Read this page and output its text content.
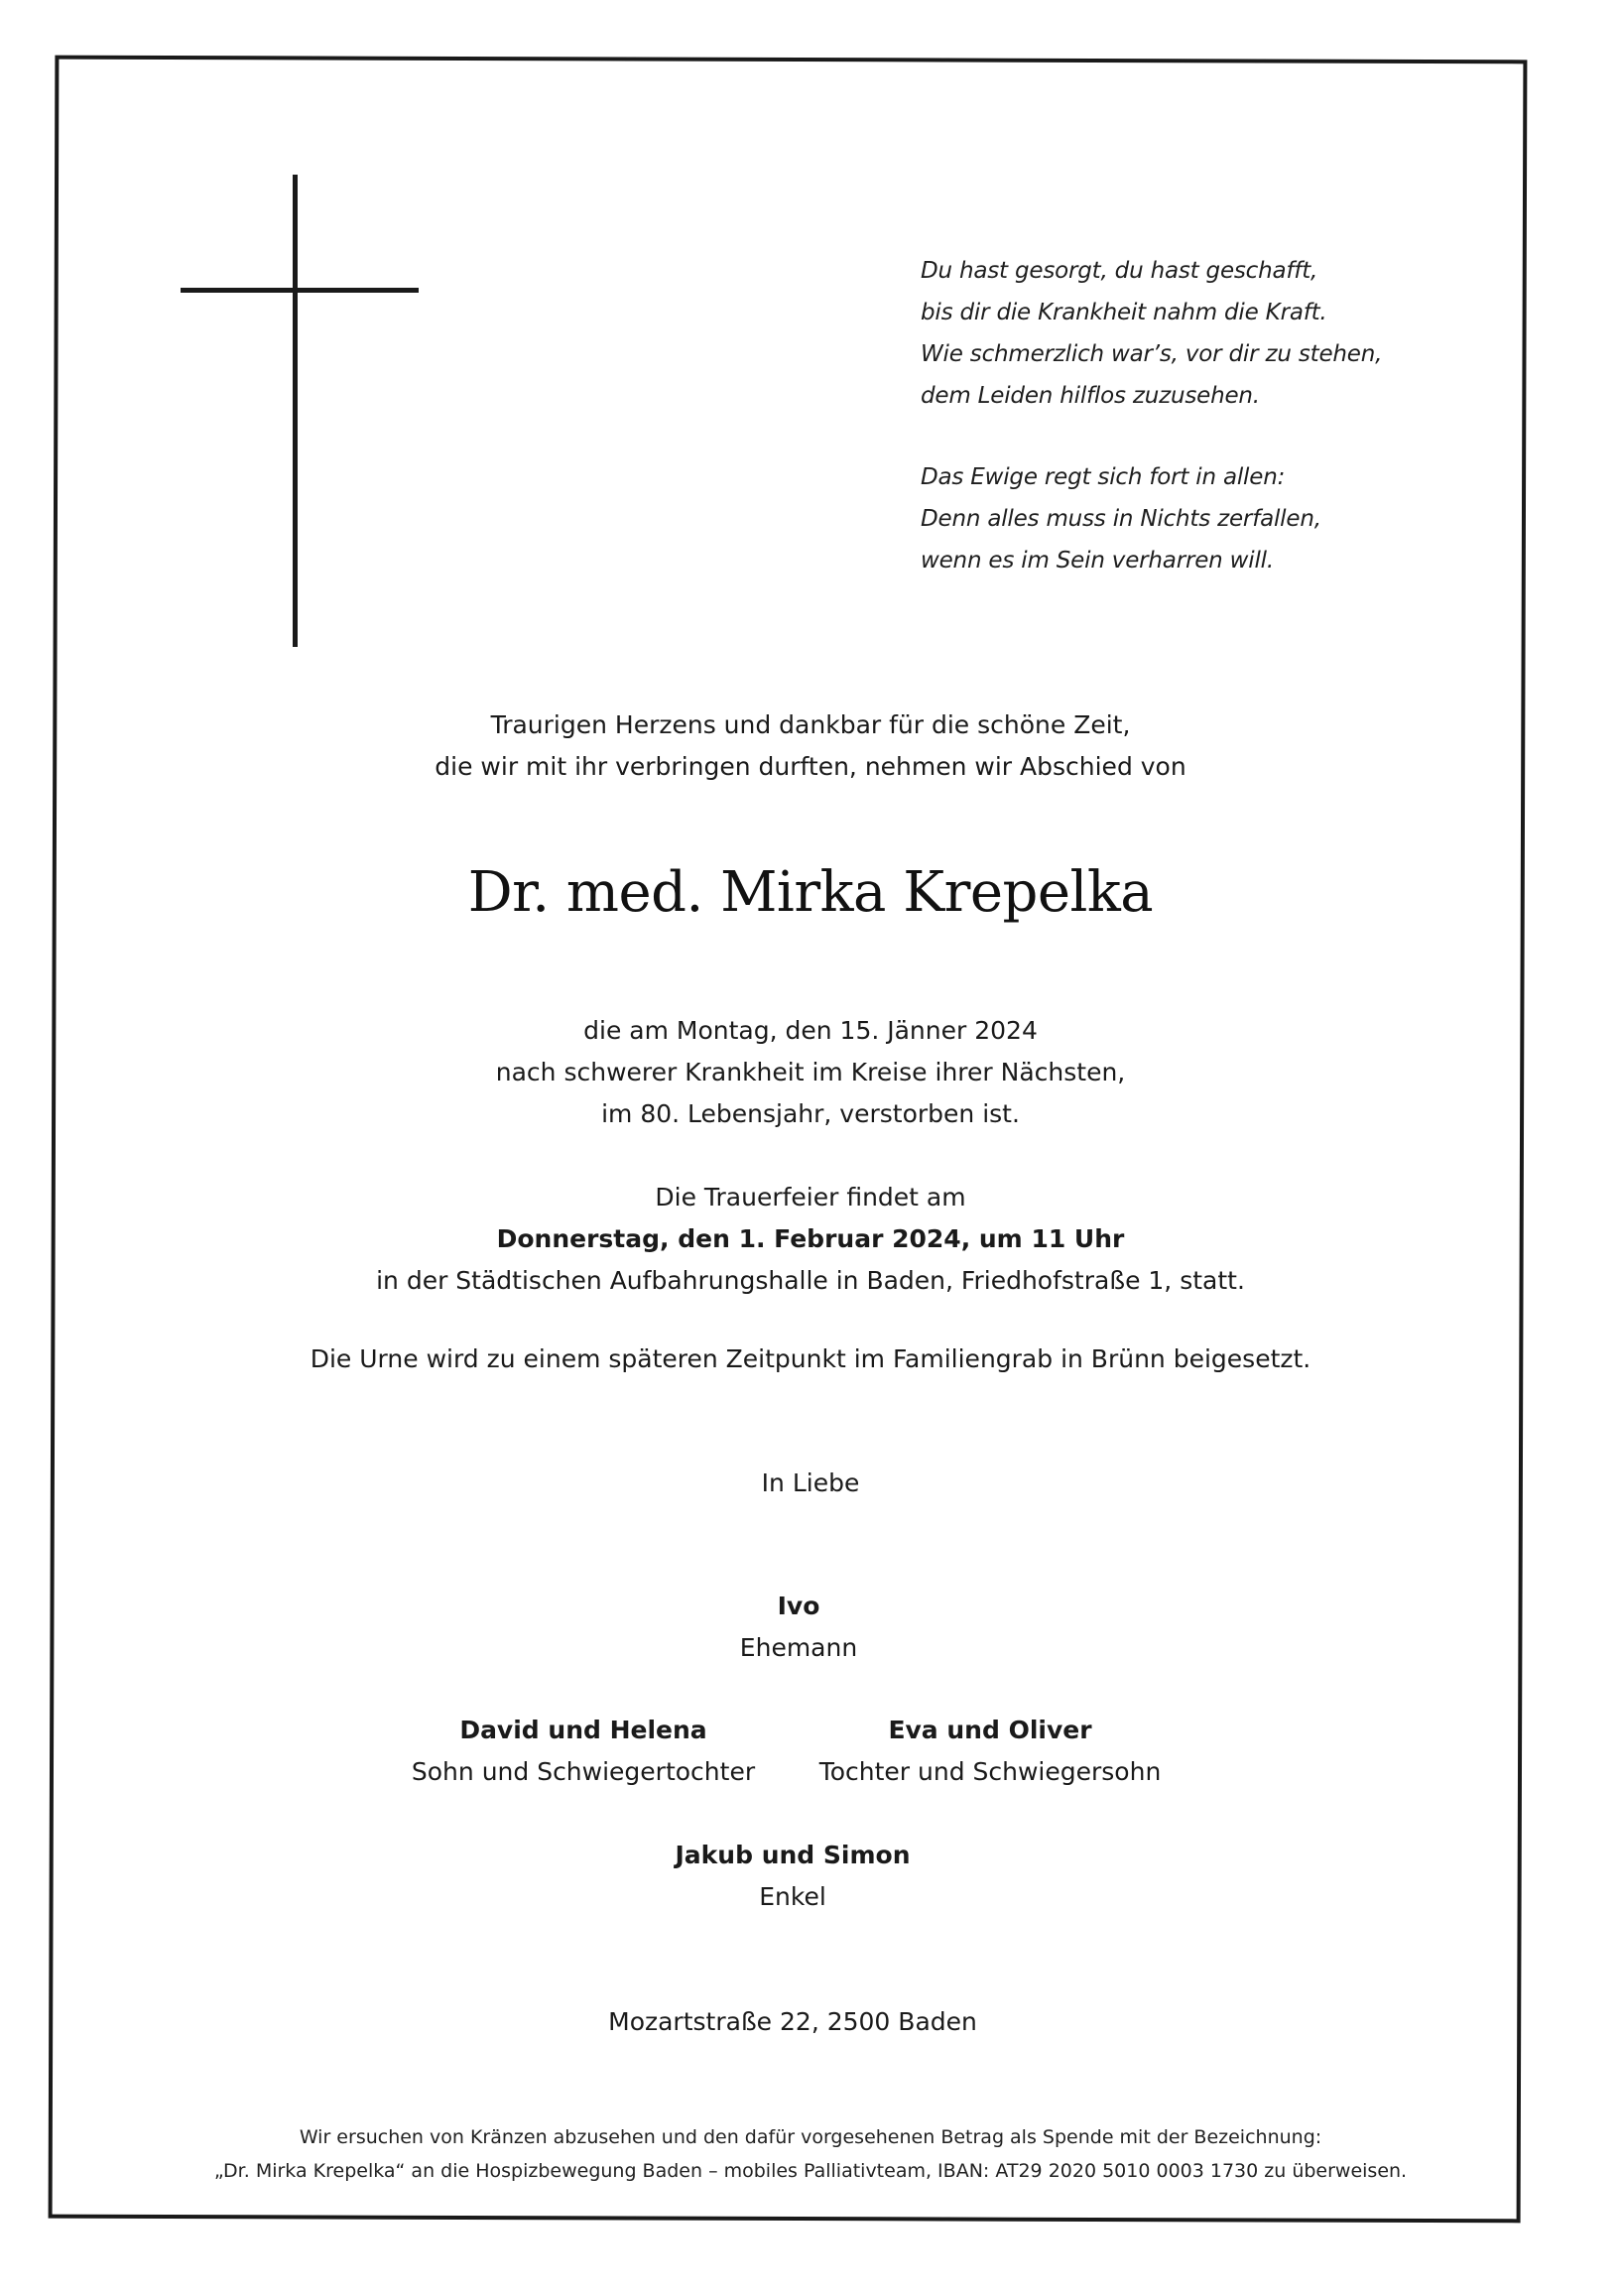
Du hast gesorgt, du hast geschafft,
bis dir die Krankheit nahm die Kraft.
Wie schmerzlich war’s, vor dir zu stehen,
dem Leiden hilflos zuzusehen.
Das Ewige regt sich fort in allen:
Denn alles muss in Nichts zerfallen,
wenn es im Sein verharren will.
Traurigen Herzens und dankbar für die schöne Zeit,
die wir mit ihr verbringen durften, nehmen wir Abschied von
Dr. med. Mirka Krepelka
die am Montag, den 15. Jänner 2024
nach schwerer Krankheit im Kreise ihrer Nächsten,
im 80. Lebensjahr, verstorben ist.
Die Trauerfeier findet am
Donnerstag, den 1. Februar 2024, um 11 Uhr
in der Städtischen Aufbahrungshalle in Baden, Friedhofstraße 1, statt.
Die Urne wird zu einem späteren Zeitpunkt im Familiengrab in Brünn beigesetzt.
In Liebe
Ivo
Ehemann
David und Helena
Sohn und Schwiegertochter
Eva und Oliver
Tochter und Schwiegersohn
Jakub und Simon
Enkel
Mozartstraße 22, 2500 Baden
Wir ersuchen von Kränzen abzusehen und den dafür vorgesehenen Betrag als Spende mit der Bezeichnung:
„Dr. Mirka Krepelka“ an die Hospizbewegung Baden – mobiles Palliativteam, IBAN: AT29 2020 5010 0003 1730 zu überweisen.
